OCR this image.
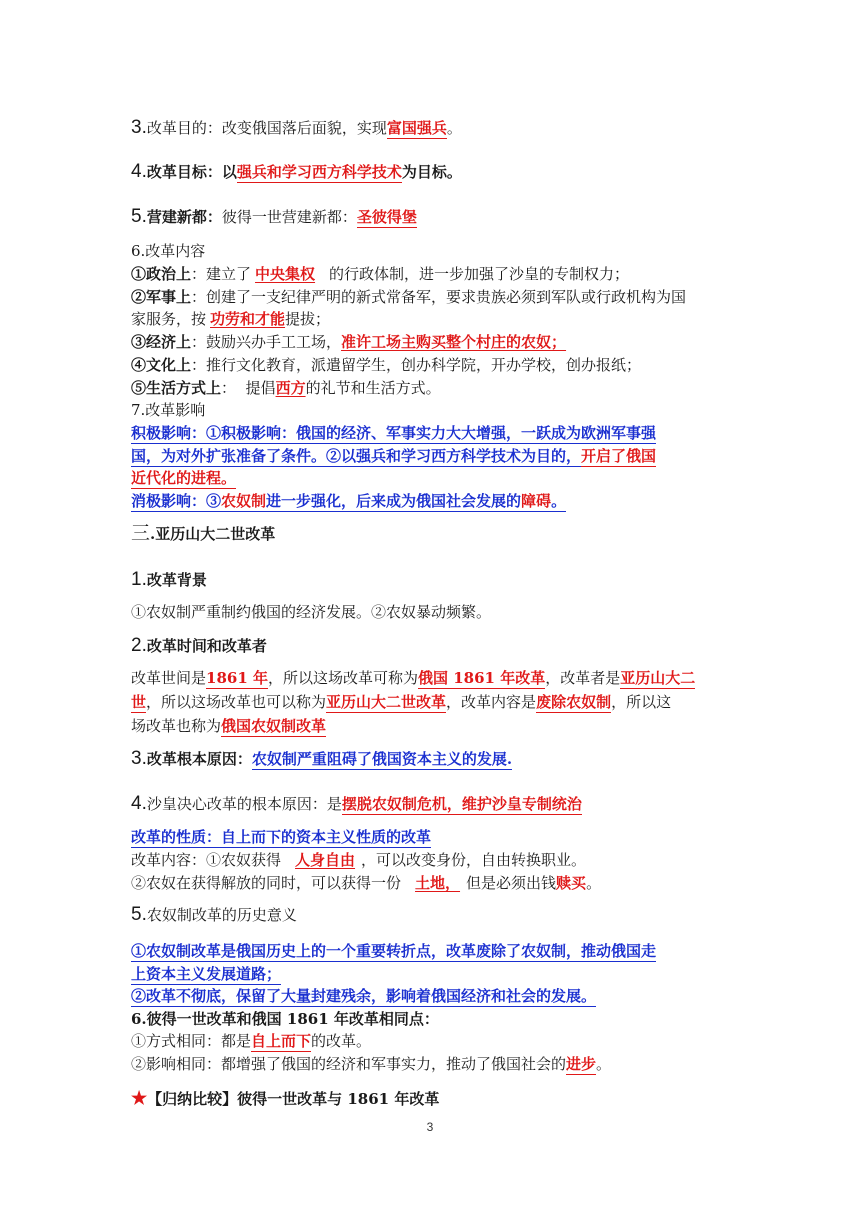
3.改革目的：改变俄国落后面貌，实现富国强兵。
4.改革目标：以强兵和学习西方科学技术为目标。
5.营建新都：彼得一世营建新都：圣彼得堡
6.改革内容
①政治上：建立了 中央集权 的行政体制，进一步加强了沙皇的专制权力；
②军事上：创建了一支纪律严明的新式常备军，要求贵族必须到军队或行政机构为国
家服务，按 功劳和才能提拔；
③经济上：鼓励兴办手工工场，准许工场主购买整个村庄的农奴；
④文化上：推行文化教育，派遣留学生，创办科学院，开办学校，创办报纸；
⑤生活方式上：  提倡西方的礼节和生活方式。
7.改革影响
积极影响：①积极影响：俄国的经济、军事实力大大增强，一跃成为欧洲军事强
国，为对外扩张准备了条件。②以强兵和学习西方科学技术为目的，开启了俄国
近代化的进程。
消极影响：③农奴制进一步强化，后来成为俄国社会发展的障碍。
三.亚历山大二世改革
1.改革背景
①农奴制严重制约俄国的经济发展。②农奴暴动频繁。
2.改革时间和改革者
改革世间是1861 年，所以这场改革可称为俄国 1861 年改革，改革者是亚历山大二
世，所以这场改革也可以称为亚历山大二世改革，改革内容是废除农奴制，所以这
场改革也称为俄国农奴制改革
3.改革根本原因：农奴制严重阻碍了俄国资本主义的发展.
4.沙皇决心改革的根本原因：是摆脱农奴制危机，维护沙皇专制统治
改革的性质：自上而下的资本主义性质的改革
改革内容：①农奴获得 人身自由 ，可以改变身份，自由转换职业。
②农奴在获得解放的同时，可以获得一份 土地， 但是必须出钱赎买。
5.农奴制改革的历史意义
①农奴制改革是俄国历史上的一个重要转折点，改革废除了农奴制，推动俄国走
上资本主义发展道路；
②改革不彻底，保留了大量封建残余，影响着俄国经济和社会的发展。
6.彼得一世改革和俄国 1861 年改革相同点：
①方式相同：都是自上而下的改革。
②影响相同：都增强了俄国的经济和军事实力，推动了俄国社会的进步。
★【归纳比较】彼得一世改革与 1861 年改革
3
